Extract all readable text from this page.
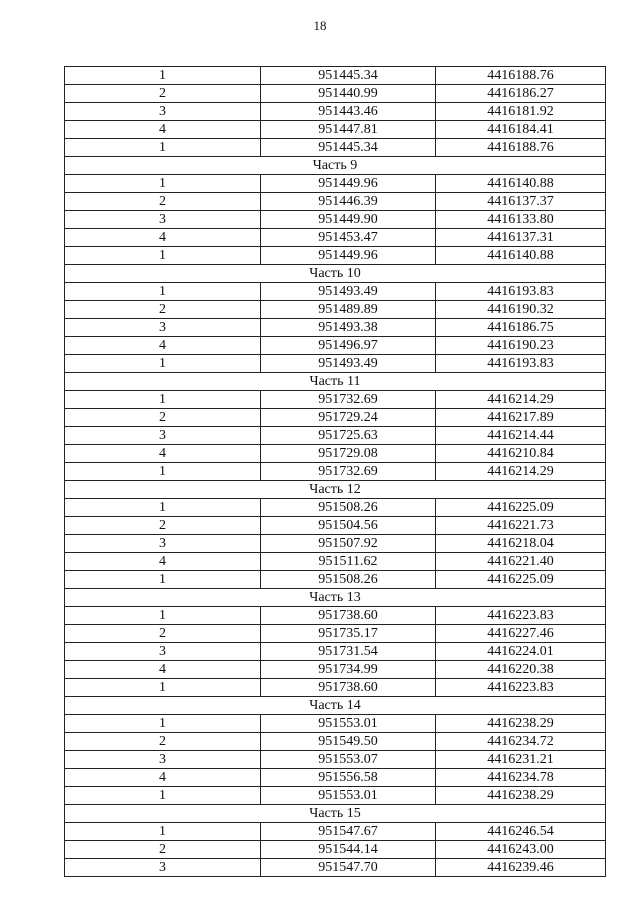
18
1	951445.34	4416188.76
2	951440.99	4416186.27
3	951443.46	4416181.92
4	951447.81	4416184.41
1	951445.34	4416188.76
Часть 9		
1	951449.96	4416140.88
2	951446.39	4416137.37
3	951449.90	4416133.80
4	951453.47	4416137.31
1	951449.96	4416140.88
Часть 10		
1	951493.49	4416193.83
2	951489.89	4416190.32
3	951493.38	4416186.75
4	951496.97	4416190.23
1	951493.49	4416193.83
Часть 11		
1	951732.69	4416214.29
2	951729.24	4416217.89
3	951725.63	4416214.44
4	951729.08	4416210.84
1	951732.69	4416214.29
Часть 12		
1	951508.26	4416225.09
2	951504.56	4416221.73
3	951507.92	4416218.04
4	951511.62	4416221.40
1	951508.26	4416225.09
Часть 13		
1	951738.60	4416223.83
2	951735.17	4416227.46
3	951731.54	4416224.01
4	951734.99	4416220.38
1	951738.60	4416223.83
Часть 14		
1	951553.01	4416238.29
2	951549.50	4416234.72
3	951553.07	4416231.21
4	951556.58	4416234.78
1	951553.01	4416238.29
Часть 15		
1	951547.67	4416246.54
2	951544.14	4416243.00
3	951547.70	4416239.46
